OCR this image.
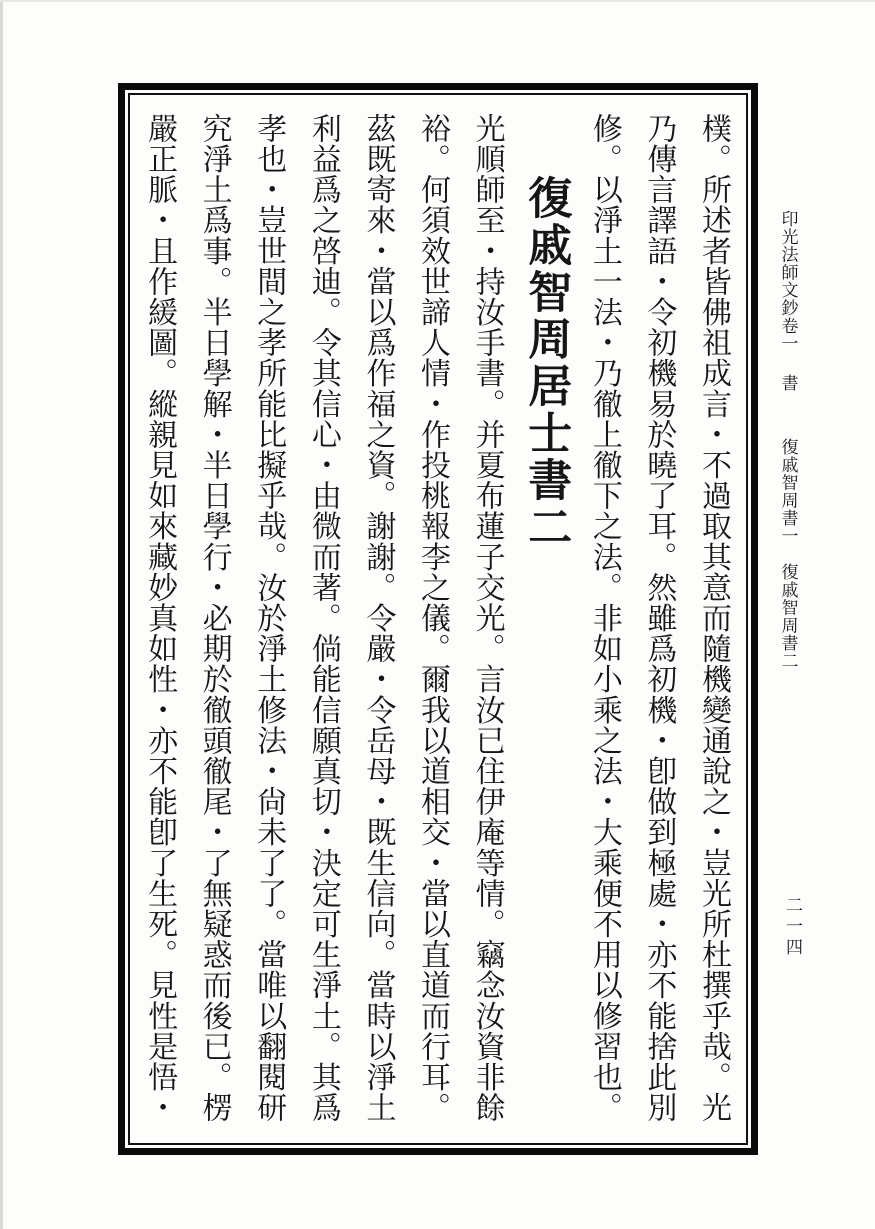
樸。所述者皆佛祖成言・不過取其意而隨機變通說之・豈光所杜撰乎哉。光
乃傳言譯語・令初機易於曉了耳。然雖爲初機・卽做到極處・亦不能捨此別
修。以淨土一法・乃徹上徹下之法。非如小乘之法・大乘便不用以修習也。
復戚智周居士書二
光順師至・持汝手書。并夏布蓮子交光。言汝已住伊庵等情。竊念汝資非餘
裕。何須效世諦人情・作投桃報李之儀。爾我以道相交・當以直道而行耳。
茲既寄來・當以爲作福之資。謝謝。令嚴・令岳母・既生信向。當時以淨土
利益爲之啓迪。令其信心・由微而著。倘能信願真切・決定可生淨土。其爲
孝也・豈世間之孝所能比擬乎哉。汝於淨土修法・尙未了了。當唯以翻閱研
究淨土爲事。半日學解・半日學行・必期於徹頭徹尾・了無疑惑而後已。楞
嚴正脈・且作緩圖。縱親見如來藏妙真如性・亦不能卽了生死。見性是悟・	印光法師文鈔卷一
書
復戚智周書一
復戚智周書二
二一四
